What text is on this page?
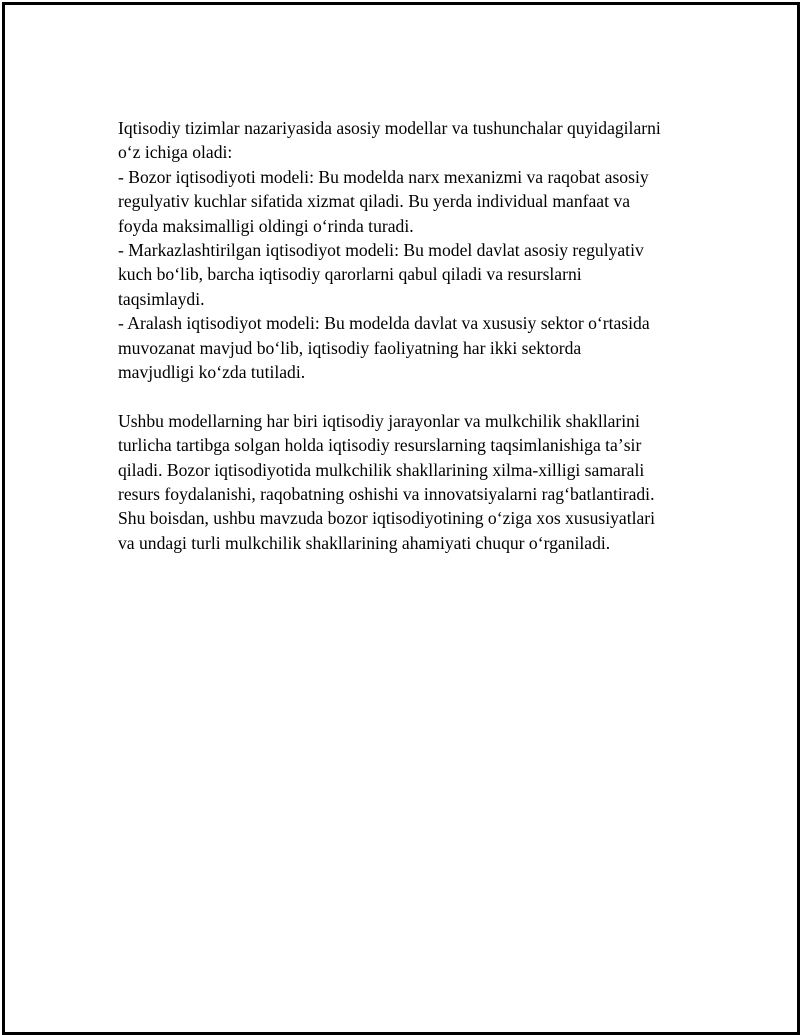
Iqtisodiy tizimlar nazariyasida asosiy modellar va tushunchalar quyidagilarni
oʻz ichiga oladi:
- Bozor iqtisodiyoti modeli: Bu modelda narx mexanizmi va raqobat asosiy
regulyativ kuchlar sifatida xizmat qiladi. Bu yerda individual manfaat va
foyda maksimalligi oldingi oʻrinda turadi.
- Markazlashtirilgan iqtisodiyot modeli: Bu model davlat asosiy regulyativ
kuch boʻlib, barcha iqtisodiy qarorlarni qabul qiladi va resurslarni
taqsimlaydi.
- Aralash iqtisodiyot modeli: Bu modelda davlat va xususiy sektor oʻrtasida
muvozanat mavjud boʻlib, iqtisodiy faoliyatning har ikki sektorda
mavjudligi koʻzda tutiladi.
Ushbu modellarning har biri iqtisodiy jarayonlar va mulkchilik shakllarini
turlicha tartibga solgan holda iqtisodiy resurslarning taqsimlanishiga taʼsir
qiladi. Bozor iqtisodiyotida mulkchilik shakllarining xilma-xilligi samarali
resurs foydalanishi, raqobatning oshishi va innovatsiyalarni ragʻbatlantiradi.
Shu boisdan, ushbu mavzuda bozor iqtisodiyotining oʻziga xos xususiyatlari
va undagi turli mulkchilik shakllarining ahamiyati chuqur oʻrganiladi.
